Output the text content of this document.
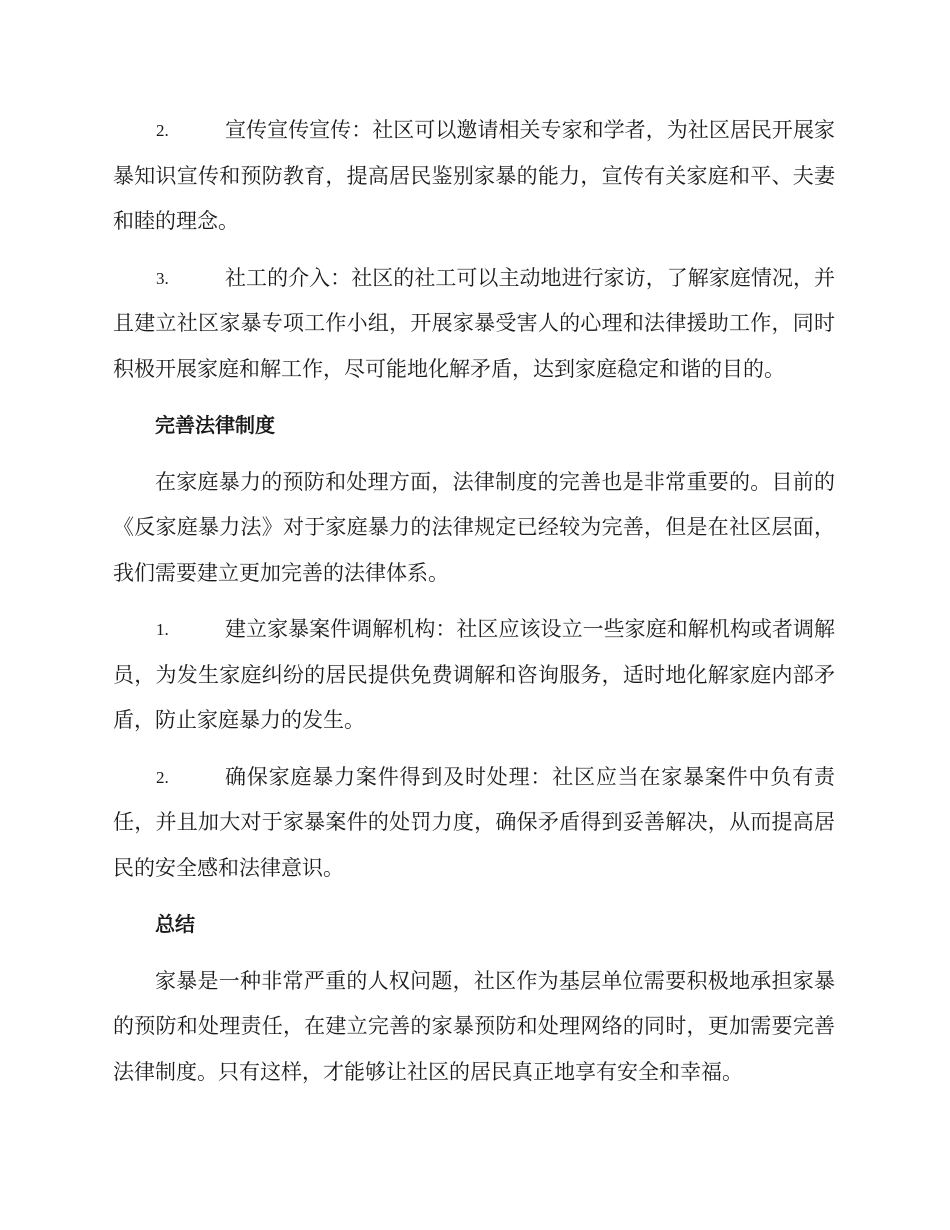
2.	宣传宣传宣传：社区可以邀请相关专家和学者，为社区居民开展家暴知识宣传和预防教育，提高居民鉴别家暴的能力，宣传有关家庭和平、夫妻和睦的理念。

3.	社工的介入：社区的社工可以主动地进行家访，了解家庭情况，并且建立社区家暴专项工作小组，开展家暴受害人的心理和法律援助工作，同时积极开展家庭和解工作，尽可能地化解矛盾，达到家庭稳定和谐的目的。

完善法律制度

在家庭暴力的预防和处理方面，法律制度的完善也是非常重要的。目前的《反家庭暴力法》对于家庭暴力的法律规定已经较为完善，但是在社区层面，我们需要建立更加完善的法律体系。

1.	建立家暴案件调解机构：社区应该设立一些家庭和解机构或者调解员，为发生家庭纠纷的居民提供免费调解和咨询服务，适时地化解家庭内部矛盾，防止家庭暴力的发生。

2.	确保家庭暴力案件得到及时处理：社区应当在家暴案件中负有责任，并且加大对于家暴案件的处罚力度，确保矛盾得到妥善解决，从而提高居民的安全感和法律意识。

总结

家暴是一种非常严重的人权问题，社区作为基层单位需要积极地承担家暴的预防和处理责任，在建立完善的家暴预防和处理网络的同时，更加需要完善法律制度。只有这样，才能够让社区的居民真正地享有安全和幸福。
